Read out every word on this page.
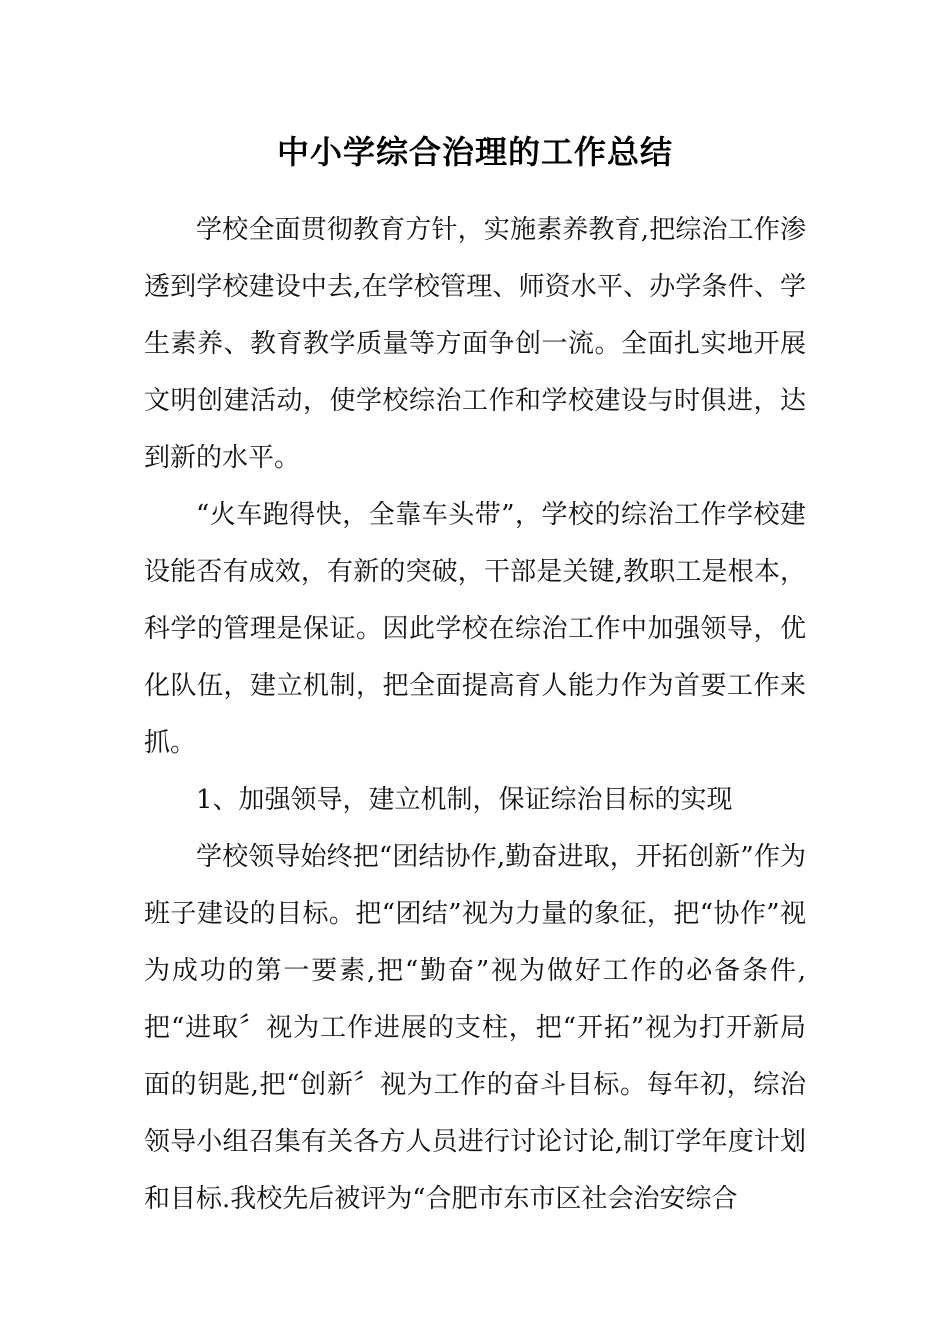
中小学综合治理的工作总结

学校全面贯彻教育方针，实施素养教育,把综治工作渗透到学校建设中去,在学校管理、师资水平、办学条件、学生素养、教育教学质量等方面争创一流。全面扎实地开展文明创建活动，使学校综治工作和学校建设与时俱进，达到新的水平。

“火车跑得快，全靠车头带”，学校的综治工作学校建设能否有成效，有新的突破，干部是关键,教职工是根本，科学的管理是保证。因此学校在综治工作中加强领导，优化队伍，建立机制，把全面提高育人能力作为首要工作来抓。

1、加强领导，建立机制，保证综治目标的实现

学校领导始终把“团结协作,勤奋进取，开拓创新”作为班子建设的目标。把“团结”视为力量的象征，把“协作”视为成功的第一要素,把“勤奋”视为做好工作的必备条件,把“进取〞视为工作进展的支柱，把“开拓”视为打开新局面的钥匙,把“创新〞视为工作的奋斗目标。每年初，综治领导小组召集有关各方人员进行讨论讨论,制订学年度计划和目标.我校先后被评为“合肥市东市区社会治安综合
